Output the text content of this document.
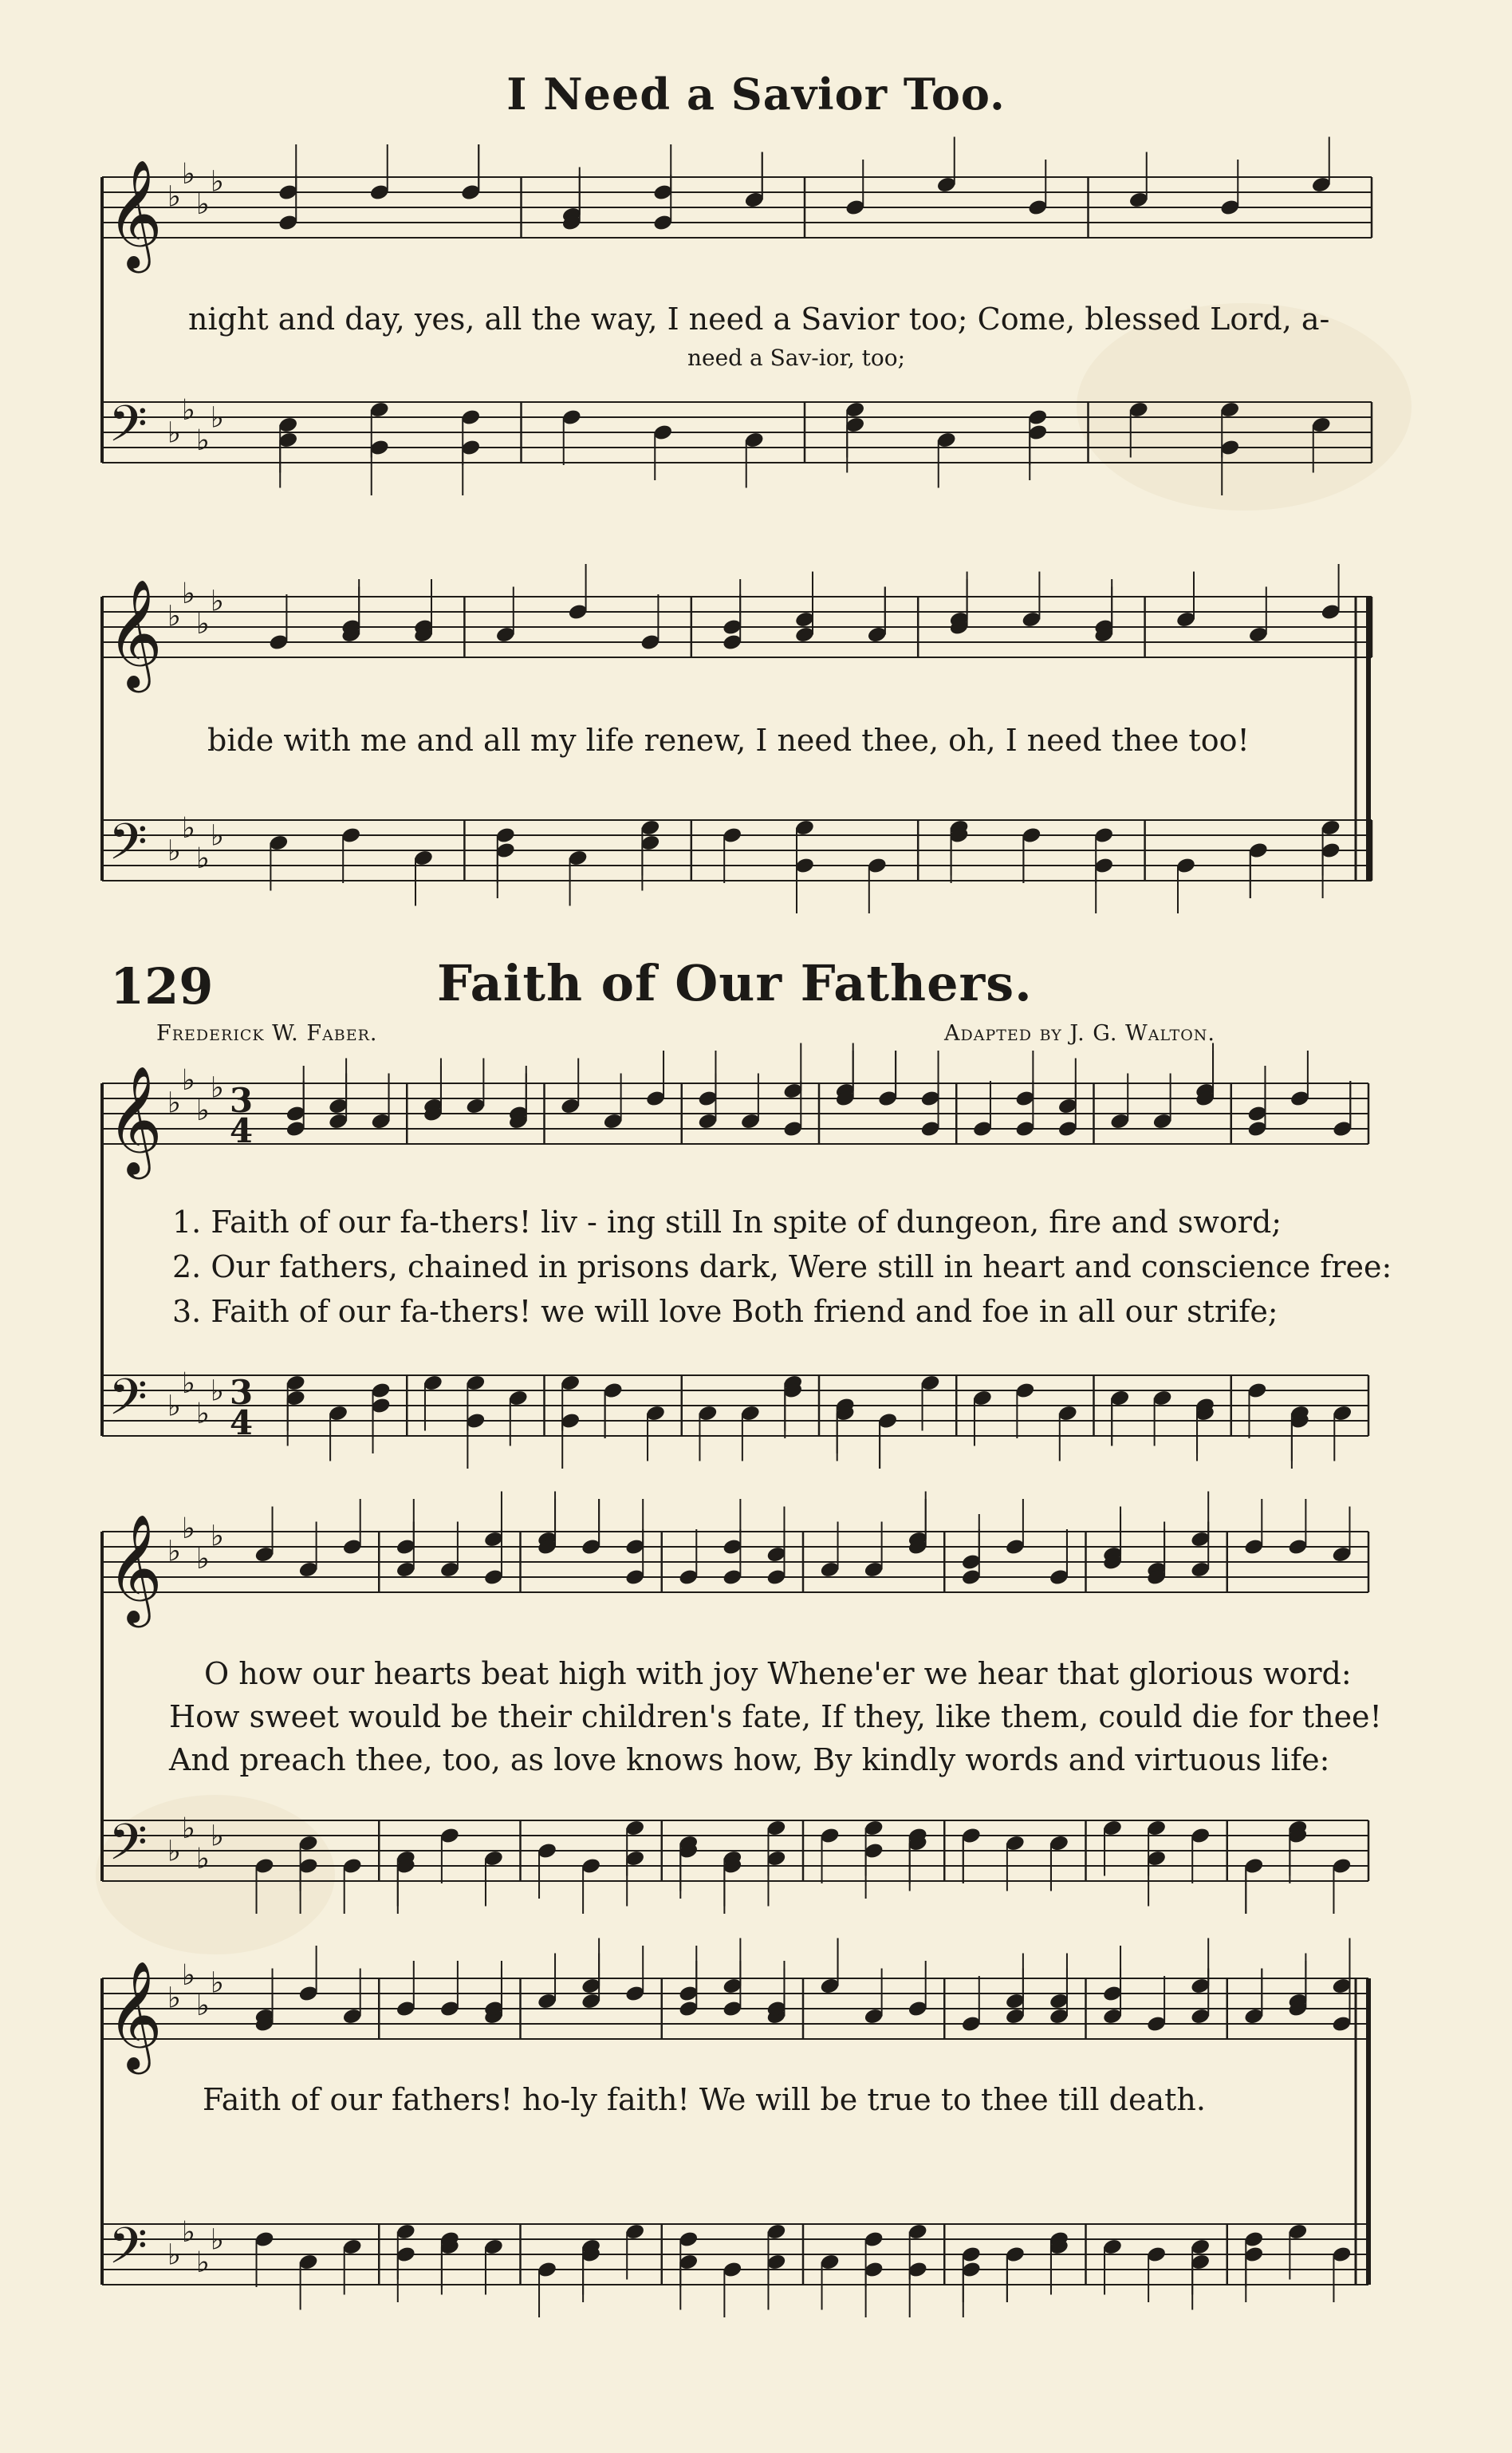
I Need a Savior Too.
night and day, yes, all the way, I need a Savior too; Come, blessed Lord, a-
need a Sav-ior, too;
bide with me and all my life renew, I need thee, oh, I need thee too!
129	Faith of Our Fathers.
Frederick W. Faber.	Adapted by J. G. Walton.
1. Faith of our fa-thers! liv - ing still In spite of dungeon, fire and sword;
2. Our fathers, chained in prisons dark, Were still in heart and conscience free:
3. Faith of our fa-thers! we will love Both friend and foe in all our strife;
O how our hearts beat high with joy Whene'er we hear that glorious word:
How sweet would be their children's fate, If they, like them, could die for thee!
And preach thee, too, as love knows how, By kindly words and virtuous life:
Faith of our fathers! ho-ly faith! We will be true to thee till death.
𝄞
𝄢
♭
♭
♭
♭
♭
♭
♭
♭
𝄞
𝄢
♭
♭
♭
♭
♭
♭
♭
♭
𝄞
𝄢
♭
♭
♭
♭
♭
♭
♭
♭
3
4
3
4
𝄞
𝄢
♭
♭
♭
♭
♭
♭
♭
♭
𝄞
𝄢
♭
♭
♭
♭
♭
♭
♭
♭
